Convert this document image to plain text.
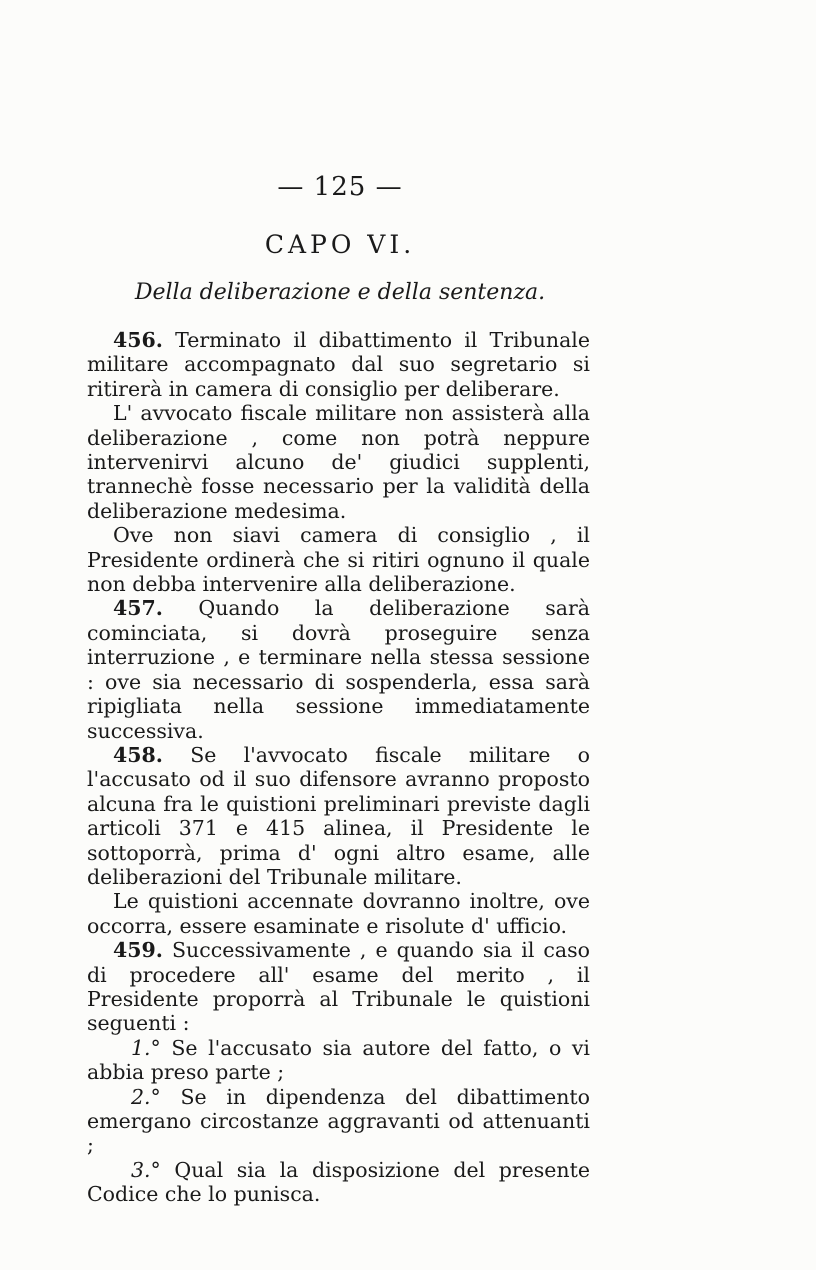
— 125 —
CAPO VI.
Della deliberazione e della sentenza.

456. Terminato il dibattimento il Tribunale militare accompagnato dal suo segretario si ritirerà in camera di consiglio per deliberare.

L' avvocato fiscale militare non assisterà alla deliberazione , come non potrà neppure intervenirvi alcuno de' giudici supplenti, trannechè fosse necessario per la validità della deliberazione medesima.

Ove non siavi camera di consiglio , il Presidente ordinerà che si ritiri ognuno il quale non debba intervenire alla deliberazione.

457. Quando la deliberazione sarà cominciata, si dovrà proseguire senza interruzione , e terminare nella stessa sessione : ove sia necessario di sospenderla, essa sarà ripigliata nella sessione immediatamente successiva.

458. Se l'avvocato fiscale militare o l'accusato od il suo difensore avranno proposto alcuna fra le quistioni preliminari previste dagli articoli 371 e 415 alinea, il Presidente le sottoporrà, prima d' ogni altro esame, alle deliberazioni del Tribunale militare.

Le quistioni accennate dovranno inoltre, ove occorra, essere esaminate e risolute d' ufficio.

459. Successivamente , e quando sia il caso di procedere all' esame del merito , il Presidente proporrà al Tribunale le quistioni seguenti :

1.° Se l'accusato sia autore del fatto, o vi abbia preso parte ;

2.° Se in dipendenza del dibattimento emergano circostanze aggravanti od attenuanti ;

3.° Qual sia la disposizione del presente Codice che lo punisca.
